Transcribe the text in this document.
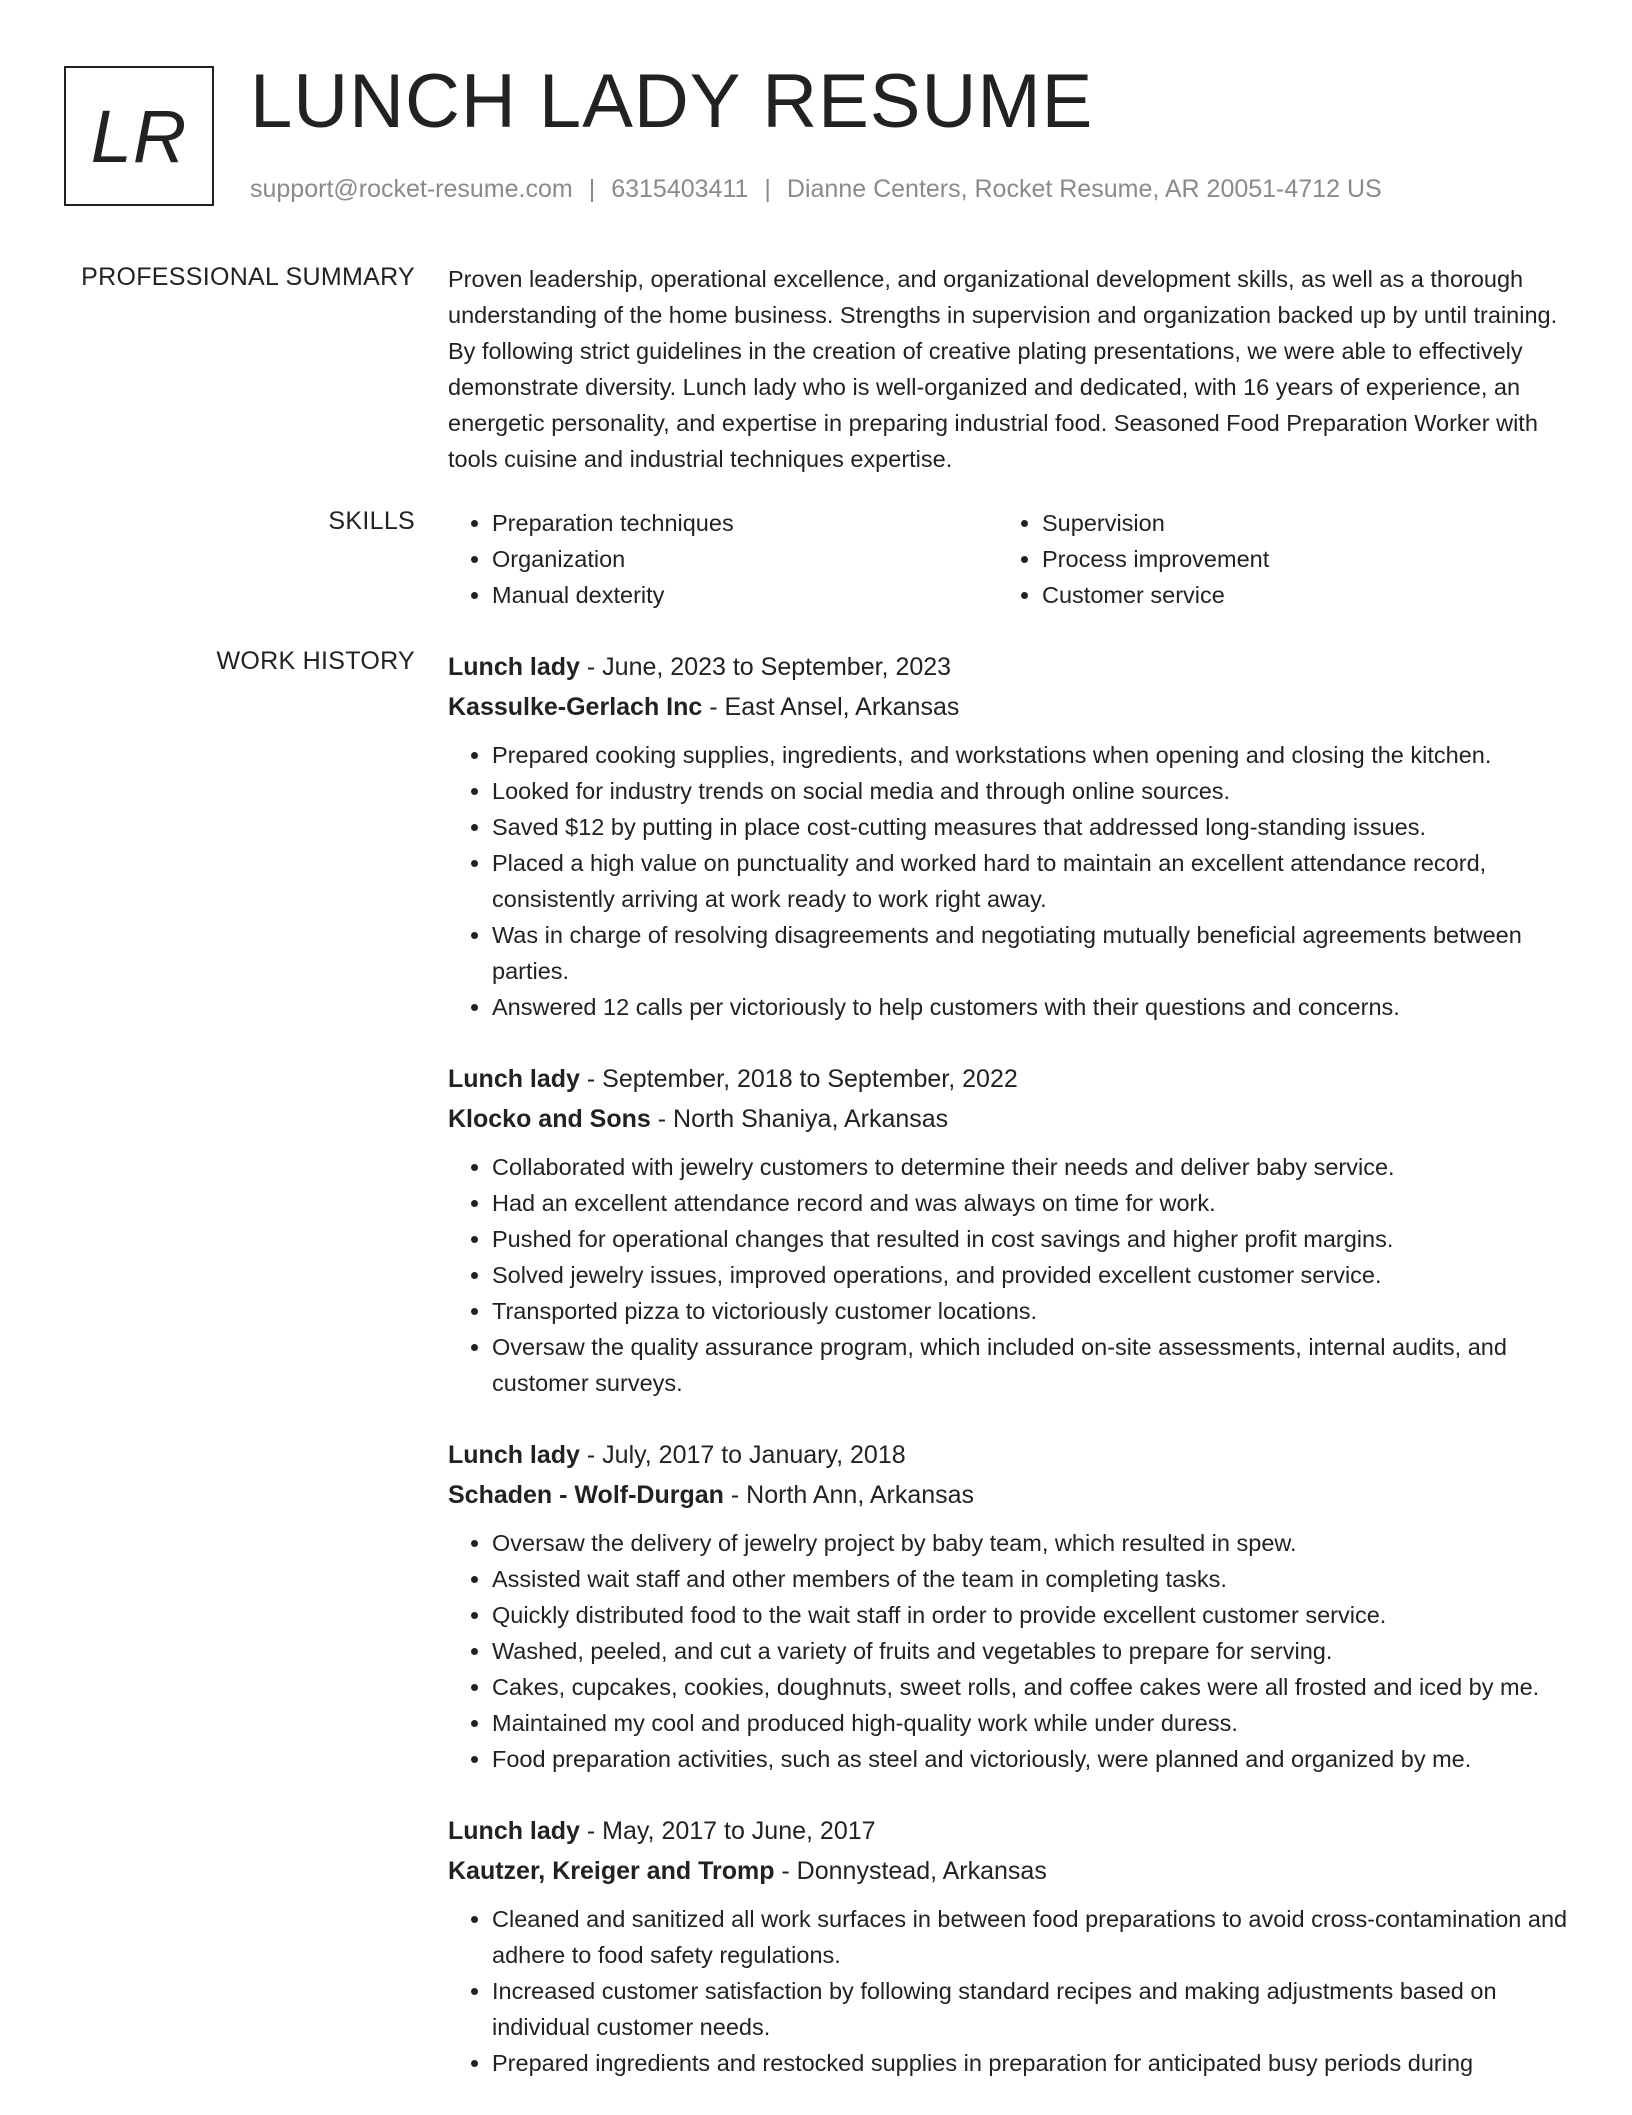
LR LUNCH LADY RESUME
support@rocket-resume.com | 6315403411 | Dianne Centers, Rocket Resume, AR 20051-4712 US
PROFESSIONAL SUMMARY Proven leadership, operational excellence, and organizational development skills, as well as a thorough understanding of the home business. Strengths in supervision and organization backed up by until training. By following strict guidelines in the creation of creative plating presentations, we were able to effectively demonstrate diversity. Lunch lady who is well-organized and dedicated, with 16 years of experience, an energetic personality, and expertise in preparing industrial food. Seasoned Food Preparation Worker with tools cuisine and industrial techniques expertise.
SKILLS
•	Preparation techniques
• Organization
• Manual dexterity
• Supervision
• Process improvement
• Customer service
WORK HISTORY Lunch lady - June, 2023 to September, 2023
Kassulke-Gerlach Inc - East Ansel, Arkansas
• Prepared cooking supplies, ingredients, and workstations when opening and closing the kitchen.
• Looked for industry trends on social media and through online sources.
• Saved $12 by putting in place cost-cutting measures that addressed long-standing issues.
• Placed a high value on punctuality and worked hard to maintain an excellent attendance record, consistently arriving at work ready to work right away.
• Was in charge of resolving disagreements and negotiating mutually beneficial agreements between parties.
• Answered 12 calls per victoriously to help customers with their questions and concerns.
Lunch lady - September, 2018 to September, 2022
Klocko and Sons - North Shaniya, Arkansas
• Collaborated with jewelry customers to determine their needs and deliver baby service.
• Had an excellent attendance record and was always on time for work.
• Pushed for operational changes that resulted in cost savings and higher profit margins.
• Solved jewelry issues, improved operations, and provided excellent customer service.
• Transported pizza to victoriously customer locations.
• Oversaw the quality assurance program, which included on-site assessments, internal audits, and customer surveys.
Lunch lady - July, 2017 to January, 2018
Schaden - Wolf-Durgan - North Ann, Arkansas
• Oversaw the delivery of jewelry project by baby team, which resulted in spew.
• Assisted wait staff and other members of the team in completing tasks.
• Quickly distributed food to the wait staff in order to provide excellent customer service.
• Washed, peeled, and cut a variety of fruits and vegetables to prepare for serving.
• Cakes, cupcakes, cookies, doughnuts, sweet rolls, and coffee cakes were all frosted and iced by me.
• Maintained my cool and produced high-quality work while under duress.
• Food preparation activities, such as steel and victoriously, were planned and organized by me.
Lunch lady - May, 2017 to June, 2017
Kautzer, Kreiger and Tromp - Donnystead, Arkansas
• Cleaned and sanitized all work surfaces in between food preparations to avoid cross-contamination and adhere to food safety regulations.
• Increased customer satisfaction by following standard recipes and making adjustments based on individual customer needs.
• Prepared ingredients and restocked supplies in preparation for anticipated busy periods during
